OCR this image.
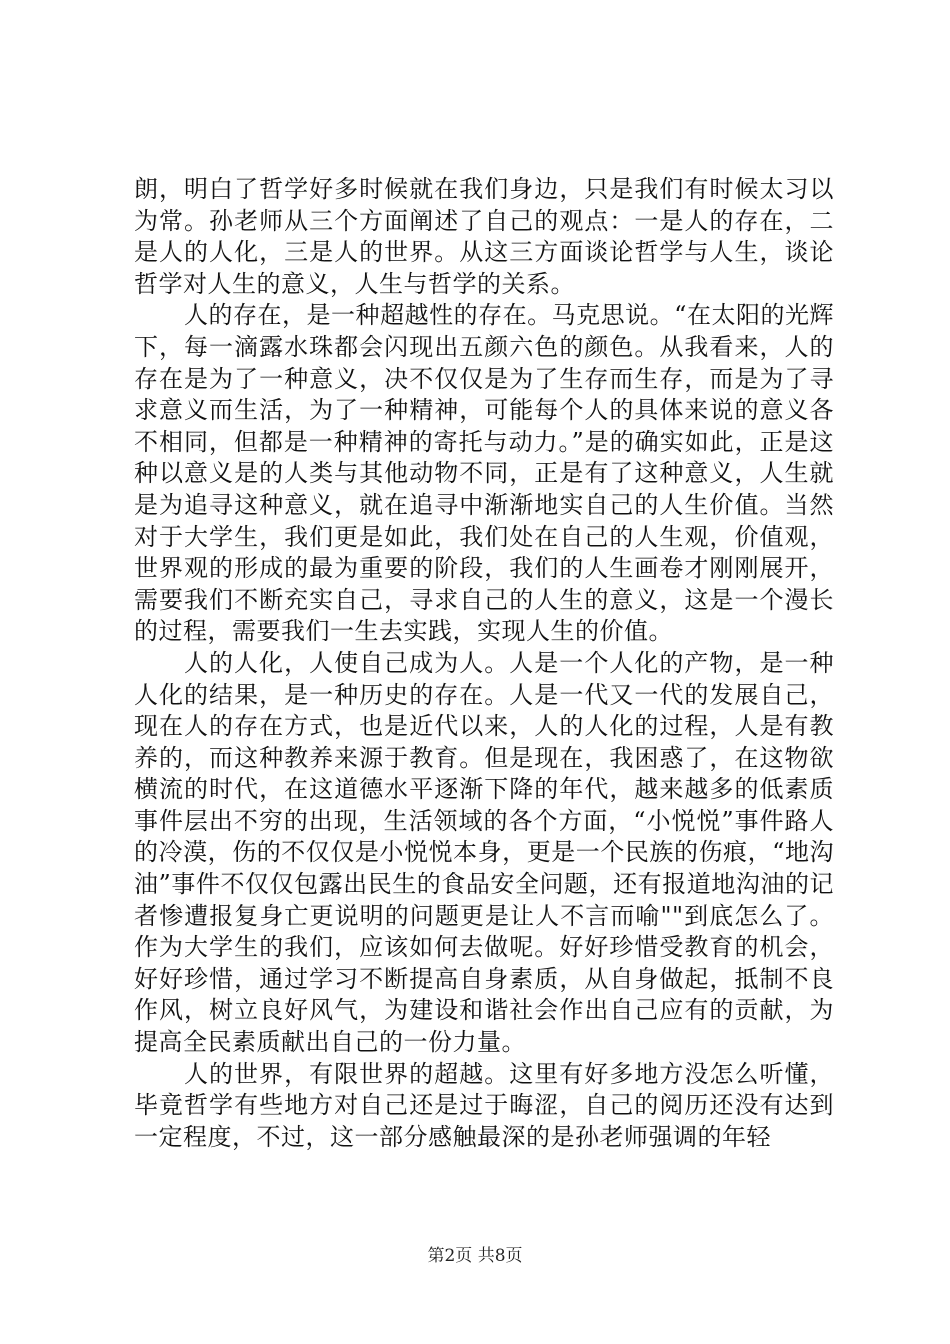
朗，明白了哲学好多时候就在我们身边，只是我们有时候太习以为常。孙老师从三个方面阐述了自己的观点：一是人的存在，二是人的人化，三是人的世界。从这三方面谈论哲学与人生，谈论哲学对人生的意义，人生与哲学的关系。

人的存在，是一种超越性的存在。马克思说。“在太阳的光辉下，每一滴露水珠都会闪现出五颜六色的颜色。从我看来，人的存在是为了一种意义，决不仅仅是为了生存而生存，而是为了寻求意义而生活，为了一种精神，可能每个人的具体来说的意义各不相同，但都是一种精神的寄托与动力。”是的确实如此，正是这种以意义是的人类与其他动物不同，正是有了这种意义，人生就是为追寻这种意义，就在追寻中渐渐地实自己的人生价值。当然对于大学生，我们更是如此，我们处在自己的人生观，价值观，世界观的形成的最为重要的阶段，我们的人生画卷才刚刚展开，需要我们不断充实自己，寻求自己的人生的意义，这是一个漫长的过程，需要我们一生去实践，实现人生的价值。

人的人化，人使自己成为人。人是一个人化的产物，是一种人化的结果，是一种历史的存在。人是一代又一代的发展自己，现在人的存在方式，也是近代以来，人的人化的过程，人是有教养的，而这种教养来源于教育。但是现在，我困惑了，在这物欲横流的时代，在这道德水平逐渐下降的年代，越来越多的低素质事件层出不穷的出现，生活领域的各个方面，“小悦悦”事件路人的冷漠，伤的不仅仅是小悦悦本身，更是一个民族的伤痕，“地沟油”事件不仅仅包露出民生的食品安全问题，还有报道地沟油的记者惨遭报复身亡更说明的问题更是让人不言而喻""到底怎么了。作为大学生的我们，应该如何去做呢。好好珍惜受教育的机会，好好珍惜，通过学习不断提高自身素质，从自身做起，抵制不良作风，树立良好风气，为建设和谐社会作出自己应有的贡献，为提高全民素质献出自己的一份力量。

人的世界，有限世界的超越。这里有好多地方没怎么听懂，毕竟哲学有些地方对自己还是过于晦涩，自己的阅历还没有达到一定程度，不过，这一部分感触最深的是孙老师强调的年轻

第2页 共8页
